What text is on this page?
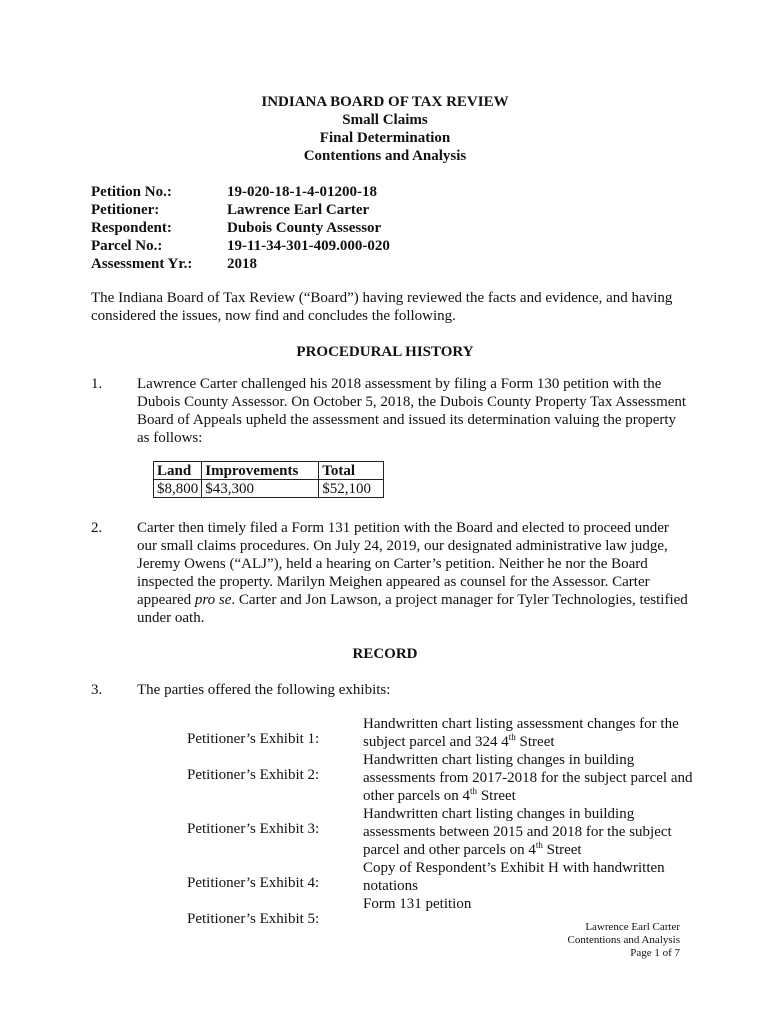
INDIANA BOARD OF TAX REVIEW

Small Claims

Final Determination

Contentions and Analysis

Petition No.:	19-020-18-1-4-01200-18
Petitioner:	Lawrence Earl Carter
Respondent:	Dubois County Assessor
Parcel No.:	19-11-34-301-409.000-020
Assessment Yr.: 2018

The Indiana Board of Tax Review (“Board”) having reviewed the facts and evidence, and having considered the issues, now find and concludes the following.

PROCEDURAL HISTORY

1. Lawrence Carter challenged his 2018 assessment by filing a Form 130 petition with the Dubois County Assessor. On October 5, 2018, the Dubois County Property Tax Assessment Board of Appeals upheld the assessment and issued its determination valuing the property as follows:

Land	Improvements	Total
$8,800	$43,300	$52,100

2. Carter then timely filed a Form 131 petition with the Board and elected to proceed under our small claims procedures. On July 24, 2019, our designated administrative law judge, Jeremy Owens (“ALJ”), held a hearing on Carter’s petition. Neither he nor the Board inspected the property. Marilyn Meighen appeared as counsel for the Assessor. Carter appeared pro se. Carter and Jon Lawson, a project manager for Tyler Technologies, testified under oath.

RECORD

3. The parties offered the following exhibits:

Petitioner’s Exhibit 1:

Handwritten chart listing assessment changes for the subject parcel and 324 4th Street

Petitioner’s Exhibit 2:

Handwritten chart listing changes in building assessments from 2017-2018 for the subject parcel and other parcels on 4th Street

Petitioner’s Exhibit 3:

Handwritten chart listing changes in building assessments between 2015 and 2018 for the subject parcel and other parcels on 4th Street

Petitioner’s Exhibit 4:

Copy of Respondent’s Exhibit H with handwritten notations

Petitioner’s Exhibit 5:

Form 131 petition

Lawrence Earl Carter
Contentions and Analysis
Page 1 of 7
